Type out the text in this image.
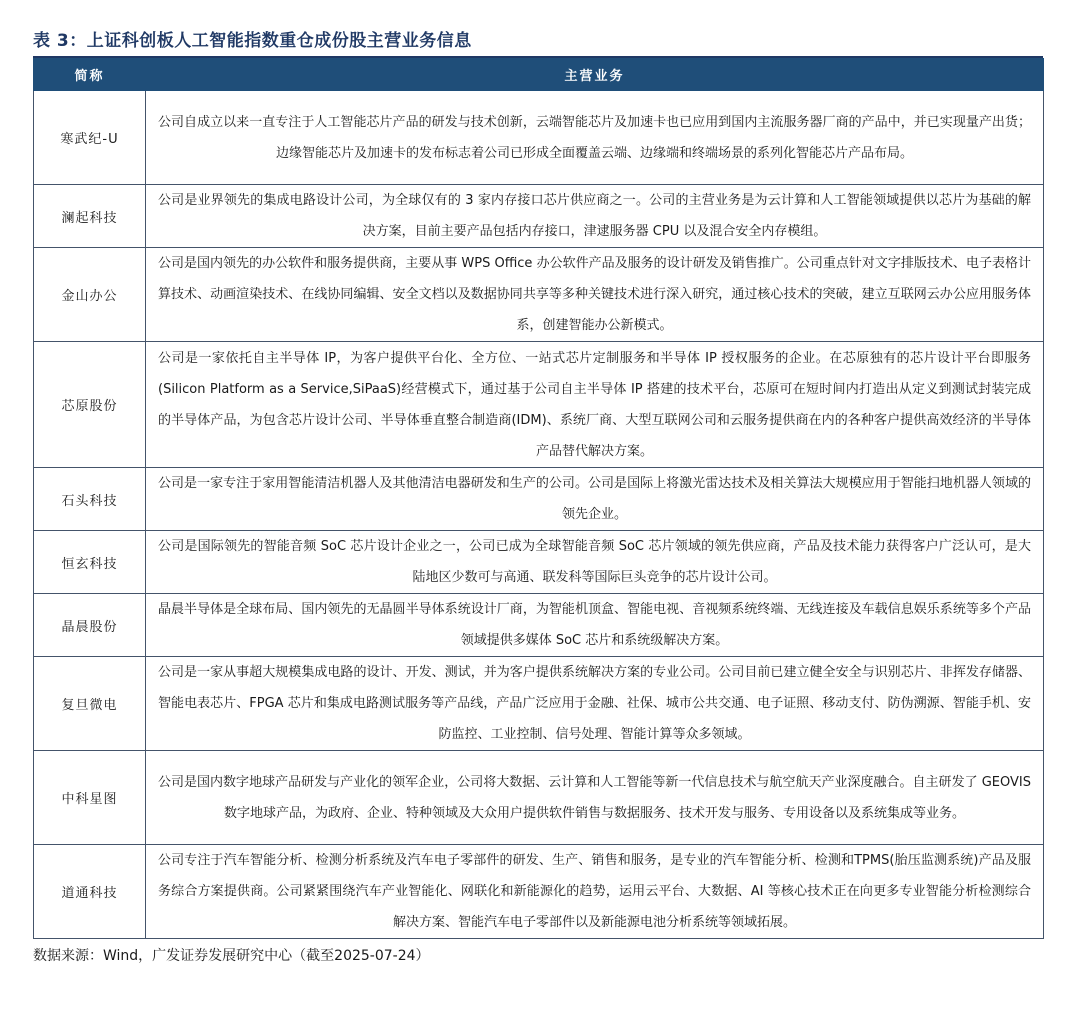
表 3：上证科创板人工智能指数重仓成份股主营业务信息
简称	主营业务
寒武纪-U	公司自成立以来一直专注于人工智能芯片产品的研发与技术创新，云端智能芯片及加速卡也已应用到国内主流服务器厂商的产品中，并已实现量产出货；边缘智能芯片及加速卡的发布标志着公司已形成全面覆盖云端、边缘端和终端场景的系列化智能芯片产品布局。
澜起科技	公司是业界领先的集成电路设计公司，为全球仅有的 3 家内存接口芯片供应商之一。公司的主营业务是为云计算和人工智能领域提供以芯片为基础的解决方案，目前主要产品包括内存接口，津逮服务器 CPU 以及混合安全内存模组。
金山办公	公司是国内领先的办公软件和服务提供商，主要从事 WPS Office 办公软件产品及服务的设计研发及销售推广。公司重点针对文字排版技术、电子表格计算技术、动画渲染技术、在线协同编辑、安全文档以及数据协同共享等多种关键技术进行深入研究，通过核心技术的突破，建立互联网云办公应用服务体系，创建智能办公新模式。
芯原股份	公司是一家依托自主半导体 IP，为客户提供平台化、全方位、一站式芯片定制服务和半导体 IP 授权服务的企业。在芯原独有的芯片设计平台即服务(Silicon Platform as a Service,SiPaaS)经营模式下，通过基于公司自主半导体 IP 搭建的技术平台，芯原可在短时间内打造出从定义到测试封装完成的半导体产品，为包含芯片设计公司、半导体垂直整合制造商(IDM)、系统厂商、大型互联网公司和云服务提供商在内的各种客户提供高效经济的半导体产品替代解决方案。
石头科技	公司是一家专注于家用智能清洁机器人及其他清洁电器研发和生产的公司。公司是国际上将激光雷达技术及相关算法大规模应用于智能扫地机器人领域的领先企业。
恒玄科技	公司是国际领先的智能音频 SoC 芯片设计企业之一，公司已成为全球智能音频 SoC 芯片领域的领先供应商，产品及技术能力获得客户广泛认可，是大陆地区少数可与高通、联发科等国际巨头竞争的芯片设计公司。
晶晨股份	晶晨半导体是全球布局、国内领先的无晶圆半导体系统设计厂商，为智能机顶盒、智能电视、音视频系统终端、无线连接及车载信息娱乐系统等多个产品领域提供多媒体 SoC 芯片和系统级解决方案。
复旦微电	公司是一家从事超大规模集成电路的设计、开发、测试，并为客户提供系统解决方案的专业公司。公司目前已建立健全安全与识别芯片、非挥发存储器、智能电表芯片、FPGA 芯片和集成电路测试服务等产品线，产品广泛应用于金融、社保、城市公共交通、电子证照、移动支付、防伪溯源、智能手机、安防监控、工业控制、信号处理、智能计算等众多领域。
中科星图	公司是国内数字地球产品研发与产业化的领军企业，公司将大数据、云计算和人工智能等新一代信息技术与航空航天产业深度融合。自主研发了 GEOVIS 数字地球产品，为政府、企业、特种领域及大众用户提供软件销售与数据服务、技术开发与服务、专用设备以及系统集成等业务。
道通科技	公司专注于汽车智能分析、检测分析系统及汽车电子零部件的研发、生产、销售和服务，是专业的汽车智能分析、检测和TPMS(胎压监测系统)产品及服务综合方案提供商。公司紧紧围绕汽车产业智能化、网联化和新能源化的趋势，运用云平台、大数据、AI 等核心技术正在向更多专业智能分析检测综合解决方案、智能汽车电子零部件以及新能源电池分析系统等领域拓展。
数据来源：Wind，广发证券发展研究中心（截至2025-07-24）
